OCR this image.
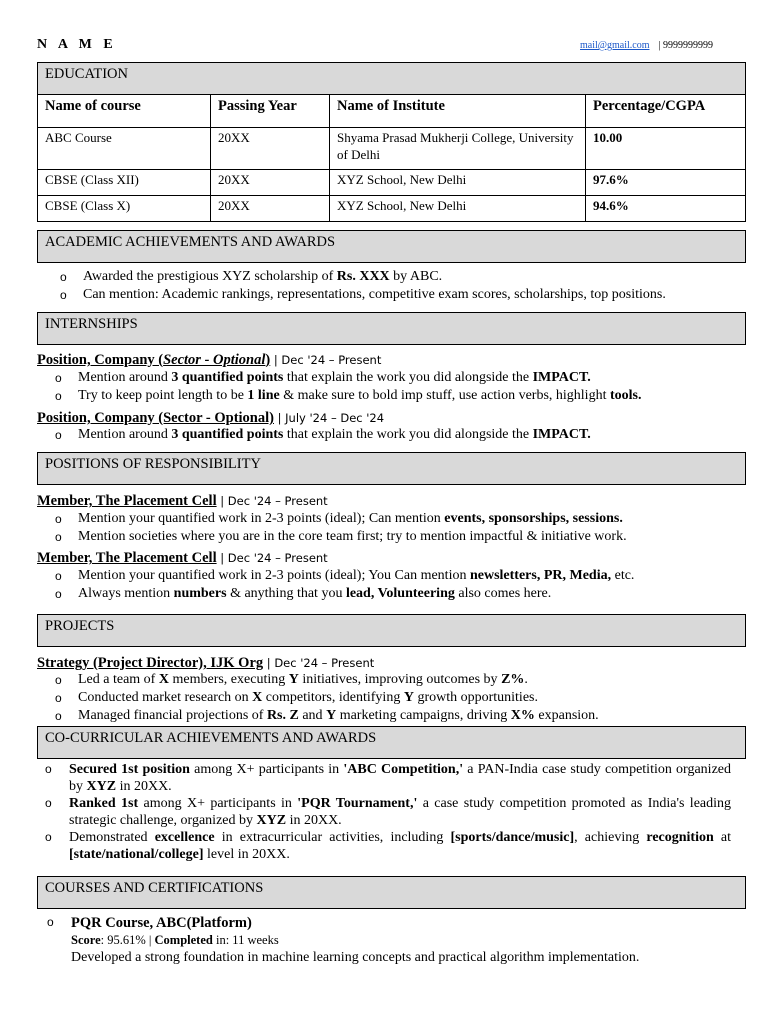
N A M E	mail@gmail.com | 9999999999
EDUCATION
Name of course	Passing Year	Name of Institute	Percentage/CGPA
ABC Course	20XX	Shyama Prasad Mukherji College, University of Delhi	10.00
CBSE (Class XII)	20XX	XYZ School, New Delhi	97.6%
CBSE (Class X)	20XX	XYZ School, New Delhi	94.6%
ACADEMIC ACHIEVEMENTS AND AWARDS
o Awarded the prestigious XYZ scholarship of Rs. XXX by ABC.
o Can mention: Academic rankings, representations, competitive exam scores, scholarships, top positions.
INTERNSHIPS
Position, Company (Sector - Optional) | Dec '24 – Present
o Mention around 3 quantified points that explain the work you did alongside the IMPACT.
o Try to keep point length to be 1 line & make sure to bold imp stuff, use action verbs, highlight tools.
Position, Company (Sector - Optional) | July '24 – Dec '24
o Mention around 3 quantified points that explain the work you did alongside the IMPACT.
POSITIONS OF RESPONSIBILITY
Member, The Placement Cell | Dec '24 – Present
o Mention your quantified work in 2-3 points (ideal); Can mention events, sponsorships, sessions.
o Mention societies where you are in the core team first; try to mention impactful & initiative work.
Member, The Placement Cell | Dec '24 – Present
o Mention your quantified work in 2-3 points (ideal); You Can mention newsletters, PR, Media, etc.
o Always mention numbers & anything that you lead, Volunteering also comes here.
PROJECTS
Strategy (Project Director), IJK Org | Dec '24 – Present
o Led a team of X members, executing Y initiatives, improving outcomes by Z%.
o Conducted market research on X competitors, identifying Y growth opportunities.
o Managed financial projections of Rs. Z and Y marketing campaigns, driving X% expansion.
CO-CURRICULAR ACHIEVEMENTS AND AWARDS
o Secured 1st position among X+ participants in 'ABC Competition,' a PAN-India case study competition organized by XYZ in 20XX.
o Ranked 1st among X+ participants in 'PQR Tournament,' a case study competition promoted as India's leading strategic challenge, organized by XYZ in 20XX.
o Demonstrated excellence in extracurricular activities, including [sports/dance/music], achieving recognition at [state/national/college] level in 20XX.
COURSES AND CERTIFICATIONS
o	PQR Course, ABC(Platform)
Score: 95.61% | Completed in: 11 weeks
Developed a strong foundation in machine learning concepts and practical algorithm implementation.
